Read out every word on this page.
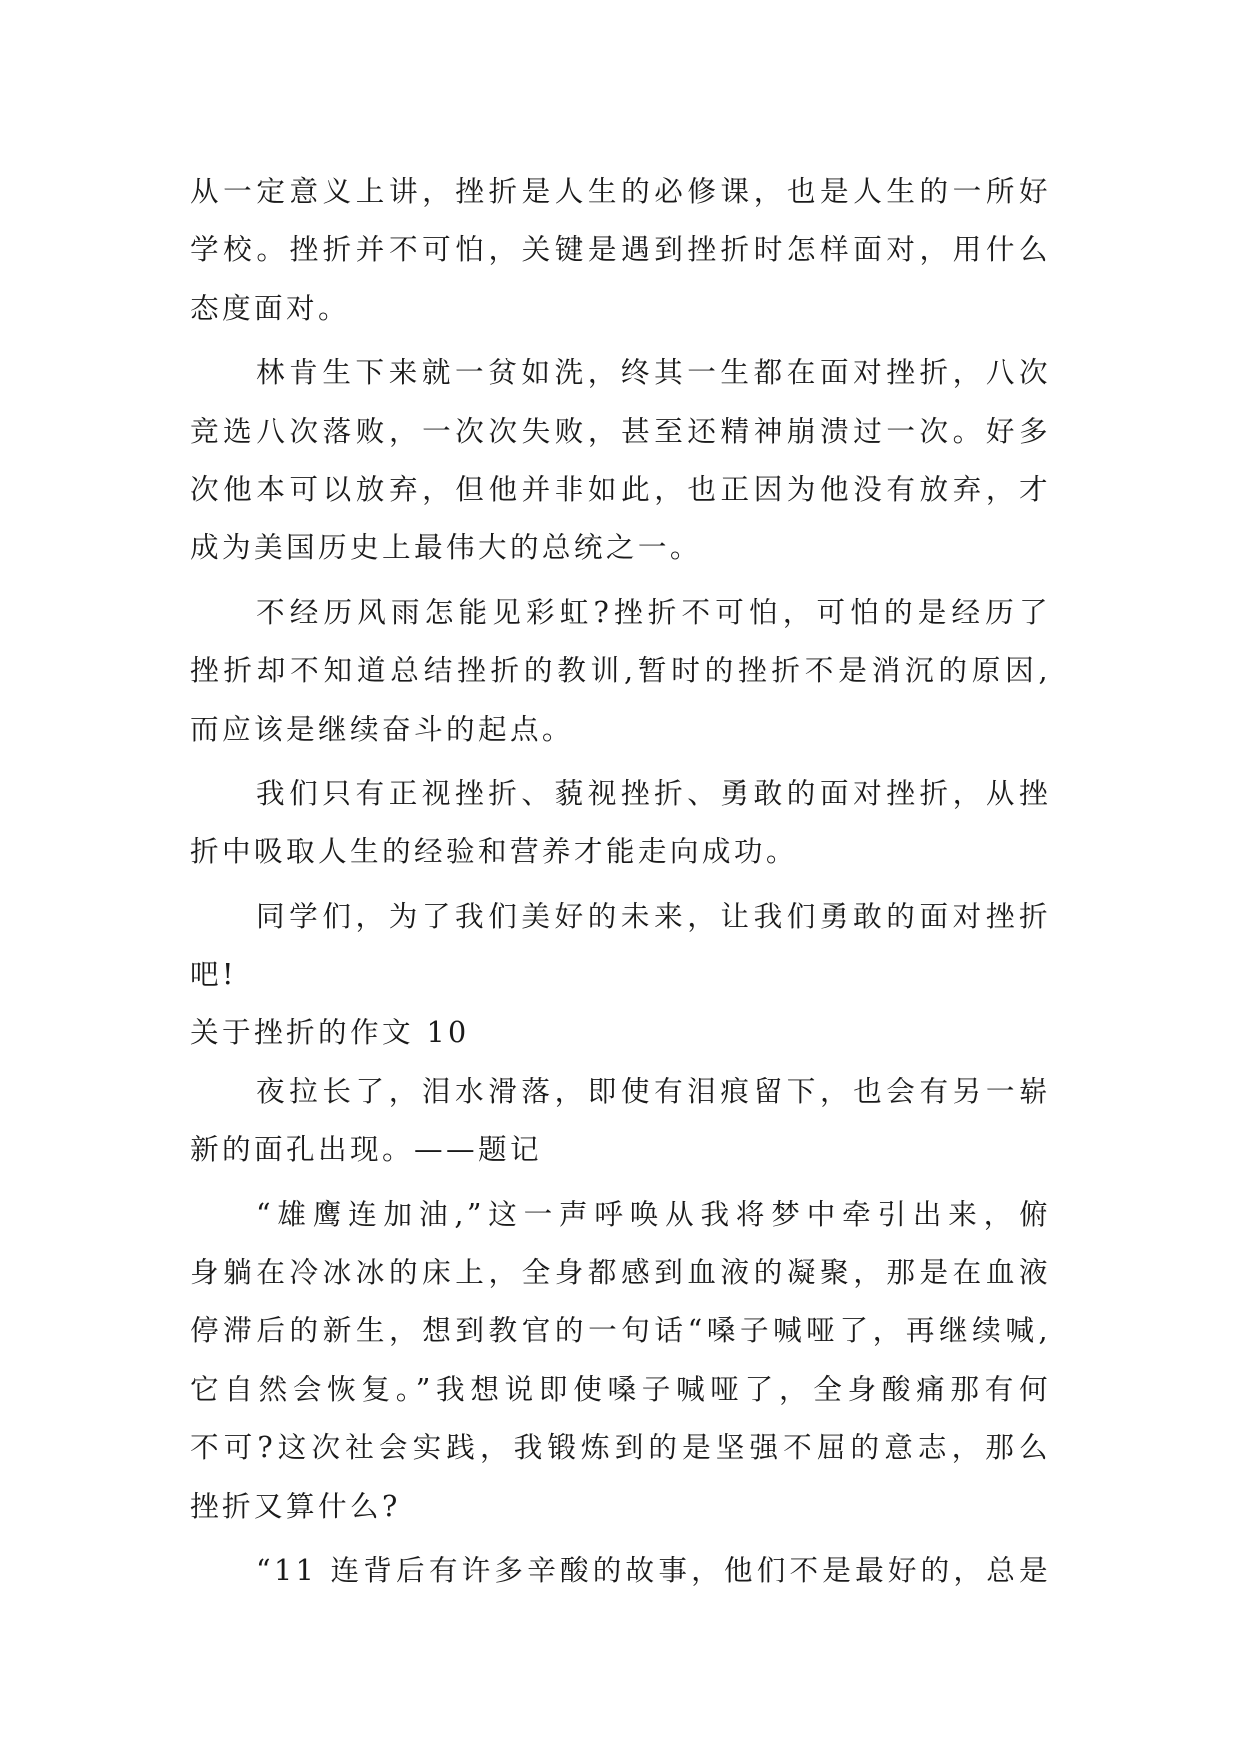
从一定意义上讲，挫折是人生的必修课，也是人生的一所好
学校。挫折并不可怕，关键是遇到挫折时怎样面对，用什么
态度面对。
林肯生下来就一贫如洗，终其一生都在面对挫折，八次
竞选八次落败，一次次失败，甚至还精神崩溃过一次。好多
次他本可以放弃，但他并非如此，也正因为他没有放弃，才
成为美国历史上最伟大的总统之一。
不经历风雨怎能见彩虹?挫折不可怕，可怕的是经历了
挫折却不知道总结挫折的教训,暂时的挫折不是消沉的原因,
而应该是继续奋斗的起点。
我们只有正视挫折、藐视挫折、勇敢的面对挫折，从挫
折中吸取人生的经验和营养才能走向成功。
同学们，为了我们美好的未来，让我们勇敢的面对挫折
吧!
关于挫折的作文 10
夜拉长了，泪水滑落，即使有泪痕留下，也会有另一崭
新的面孔出现。——题记
“雄鹰连加油,”这一声呼唤从我将梦中牵引出来，俯
身躺在冷冰冰的床上，全身都感到血液的凝聚，那是在血液
停滞后的新生，想到教官的一句话“嗓子喊哑了，再继续喊,
它自然会恢复。”我想说即使嗓子喊哑了，全身酸痛那有何
不可?这次社会实践，我锻炼到的是坚强不屈的意志，那么
挫折又算什么?
“11 连背后有许多辛酸的故事，他们不是最好的，总是
